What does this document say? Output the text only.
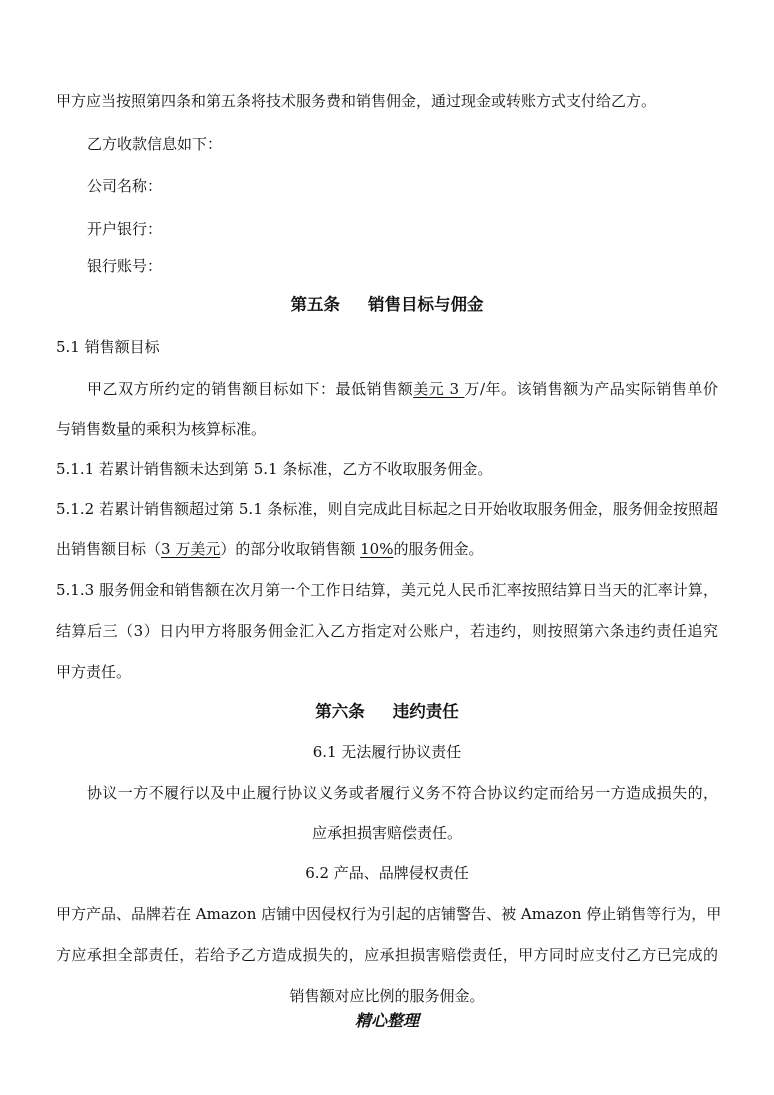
甲方应当按照第四条和第五条将技术服务费和销售佣金，通过现金或转账方式支付给乙方。
乙方收款信息如下：
公司名称：
开户银行：
银行账号：
第五条 销售目标与佣金
5.1 销售额目标
甲乙双方所约定的销售额目标如下：最低销售额美元 3 万/年。该销售额为产品实际销售单价
与销售数量的乘积为核算标准。
5.1.1 若累计销售额未达到第 5.1 条标准，乙方不收取服务佣金。
5.1.2 若累计销售额超过第 5.1 条标准，则自完成此目标起之日开始收取服务佣金，服务佣金按照超
出销售额目标（3 万美元）的部分收取销售额 10%的服务佣金。
5.1.3 服务佣金和销售额在次月第一个工作日结算，美元兑人民币汇率按照结算日当天的汇率计算，
结算后三（3）日内甲方将服务佣金汇入乙方指定对公账户，若违约，则按照第六条违约责任追究
甲方责任。
第六条 违约责任
6.1 无法履行协议责任
协议一方不履行以及中止履行协议义务或者履行义务不符合协议约定而给另一方造成损失的，
应承担损害赔偿责任。
6.2 产品、品牌侵权责任
甲方产品、品牌若在 Amazon 店铺中因侵权行为引起的店铺警告、被 Amazon 停止销售等行为，甲
方应承担全部责任，若给予乙方造成损失的，应承担损害赔偿责任，甲方同时应支付乙方已完成的
销售额对应比例的服务佣金。
精心整理
